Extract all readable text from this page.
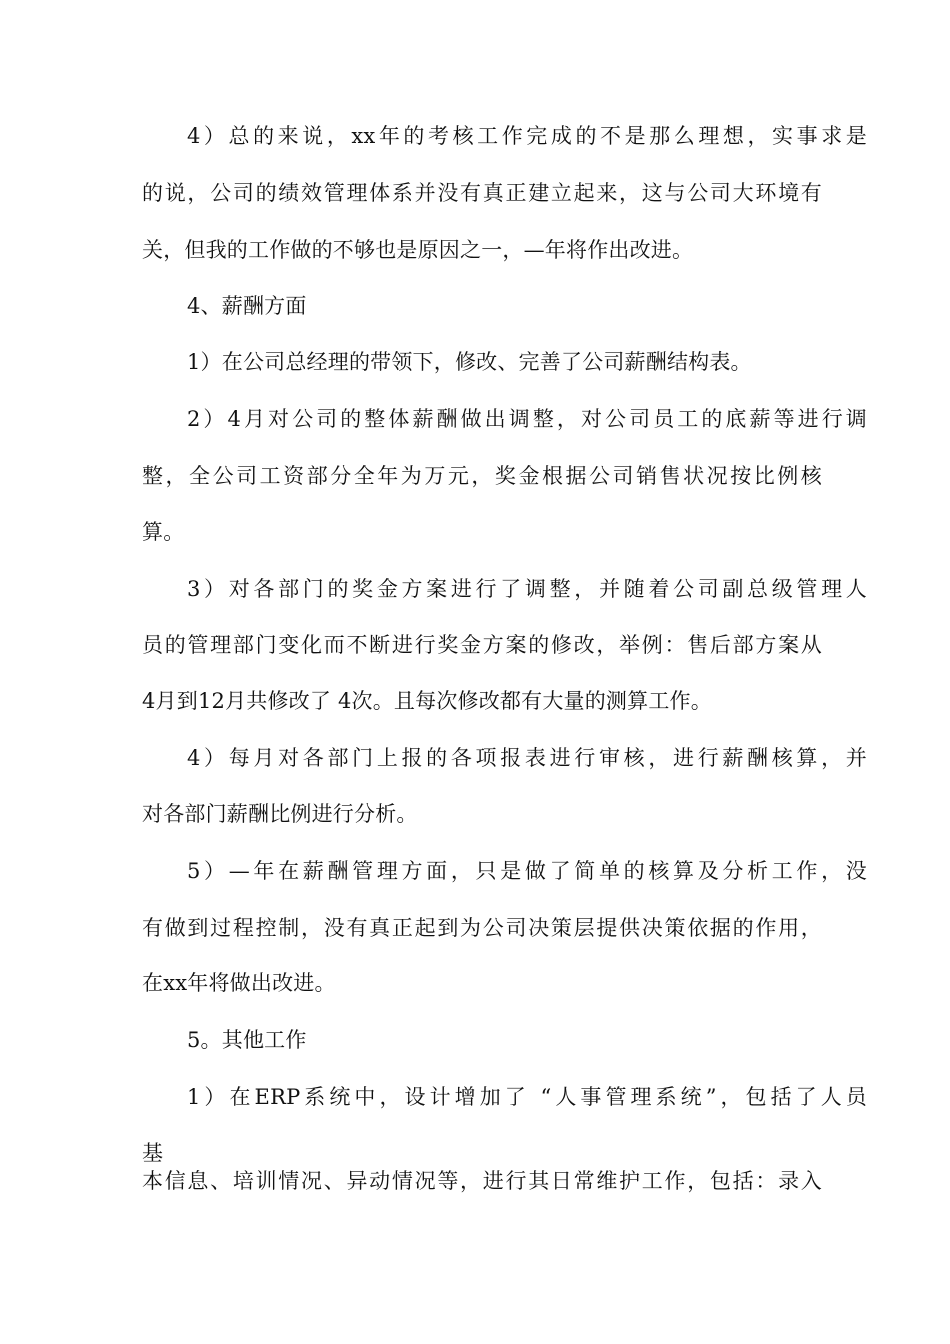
4）总的来说，xx年的考核工作完成的不是那么理想，实事求是
的说，公司的绩效管理体系并没有真正建立起来，这与公司大环境有
关，但我的工作做的不够也是原因之一，—年将作出改进。
4、薪酬方面
1）在公司总经理的带领下，修改、完善了公司薪酬结构表。
2）4月对公司的整体薪酬做出调整，对公司员工的底薪等进行调
整，全公司工资部分全年为万元，奖金根据公司销售状况按比例核
算。
3）对各部门的奖金方案进行了调整，并随着公司副总级管理人
员的管理部门变化而不断进行奖金方案的修改，举例：售后部方案从
4月到12月共修改了 4次。且每次修改都有大量的测算工作。
4）每月对各部门上报的各项报表进行审核，进行薪酬核算，并
对各部门薪酬比例进行分析。
5）—年在薪酬管理方面，只是做了简单的核算及分析工作，没
有做到过程控制，没有真正起到为公司决策层提供决策依据的作用，
在xx年将做出改进。
5。其他工作
1）在ERP系统中，设计增加了 “人事管理系统”，包括了人员
基
本信息、培训情况、异动情况等，进行其日常维护工作，包括：录入
